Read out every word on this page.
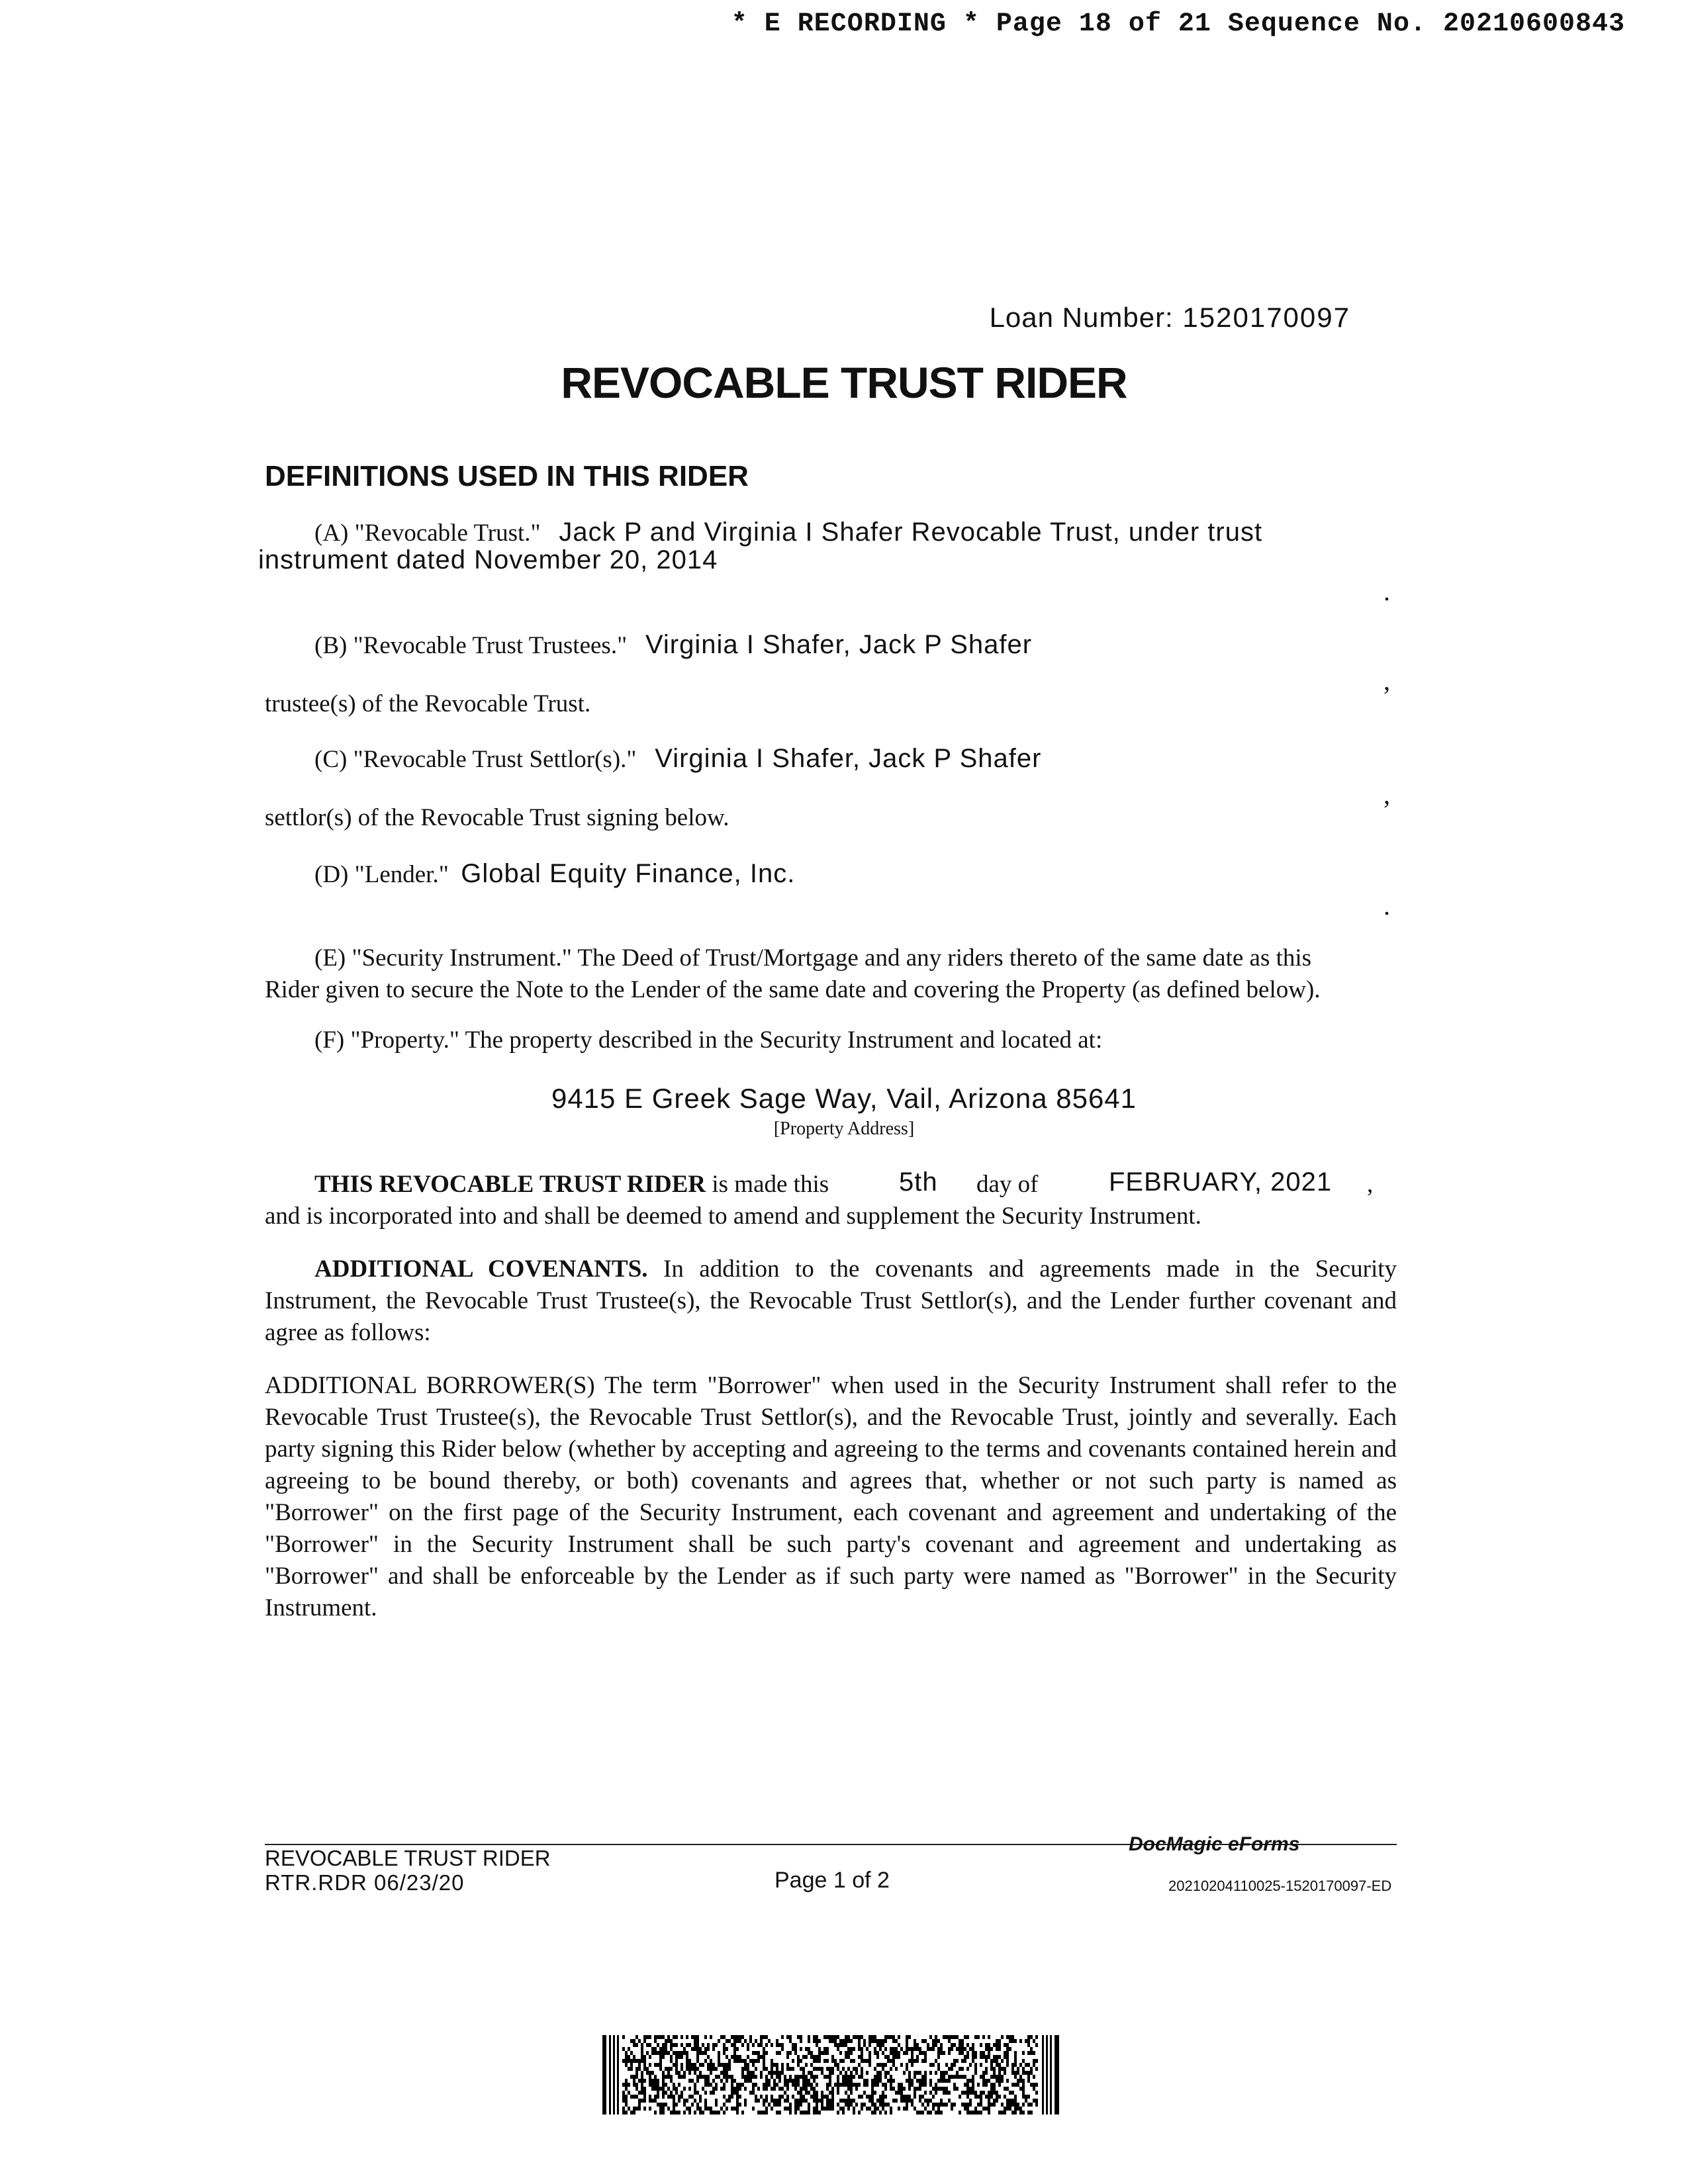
* E RECORDING * Page 18 of 21 Sequence No. 20210600843
Loan Number: 1520170097
REVOCABLE TRUST RIDER
DEFINITIONS USED IN THIS RIDER
(A) "Revocable Trust." Jack P and Virginia I Shafer Revocable Trust, under trust
instrument dated November 20, 2014
.
(B) "Revocable Trust Trustees." Virginia I Shafer, Jack P Shafer
,
trustee(s) of the Revocable Trust.
(C) "Revocable Trust Settlor(s)." Virginia I Shafer, Jack P Shafer
,
settlor(s) of the Revocable Trust signing below.
(D) "Lender." Global Equity Finance, Inc.
.
(E) "Security Instrument." The Deed of Trust/Mortgage and any riders thereto of the same date as this
Rider given to secure the Note to the Lender of the same date and covering the Property (as defined below).
(F) "Property." The property described in the Security Instrument and located at:
9415 E Greek Sage Way, Vail, Arizona 85641
[Property Address]
THIS REVOCABLE TRUST RIDER is made this	5th day of	FEBRUARY, 2021 ,
and is incorporated into and shall be deemed to amend and supplement the Security Instrument.
ADDITIONAL COVENANTS. In addition to the covenants and agreements made in the Security Instrument, the Revocable Trust Trustee(s), the Revocable Trust Settlor(s), and the Lender further covenant and agree as follows:
ADDITIONAL BORROWER(S) The term "Borrower" when used in the Security Instrument shall refer to the Revocable Trust Trustee(s), the Revocable Trust Settlor(s), and the Revocable Trust, jointly and severally. Each party signing this Rider below (whether by accepting and agreeing to the terms and covenants contained herein and agreeing to be bound thereby, or both) covenants and agrees that, whether or not such party is named as "Borrower" on the first page of the Security Instrument, each covenant and agreement and undertaking of the "Borrower" in the Security Instrument shall be such party's covenant and agreement and undertaking as "Borrower" and shall be enforceable by the Lender as if such party were named as "Borrower" in the Security Instrument.
REVOCABLE TRUST RIDER
RTR.RDR 06/23/20	Page 1 of 2
DocMagic eForms
20210204110025-1520170097-ED
